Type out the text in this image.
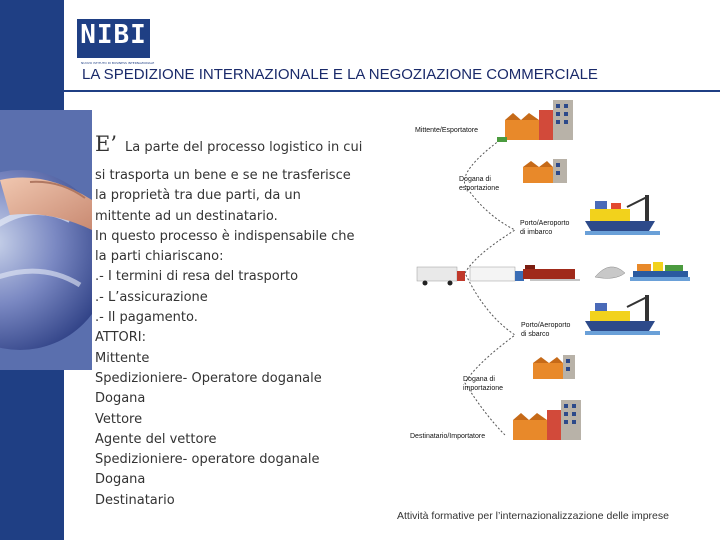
NIBI
NUOVO ISTITUTO DI BUSINESS INTERNAZIONALE
LA SPEDIZIONE INTERNAZIONALE E LA NEGOZIAZIONE COMMERCIALE
E’ La parte del processo logistico in cui
si trasporta un bene e se ne trasferisce
la proprietà tra due parti, da un
mittente ad un destinatario.
In questo processo è indispensabile che
la parti chiariscano:
.- I termini di resa del trasporto
.- L’assicurazione
.- Il pagamento.
ATTORI:
Mittente
Spedizioniere- Operatore doganale
Dogana
Vettore
Agente del vettore
Spedizioniere- operatore doganale
Dogana
Destinatario
Mittente/Esportatore
Dogana di
esportazione
Porto/Aeroporto
di imbarco
Porto/Aeroporto
di sbarco
Dogana di
importazione
Destinatario/Importatore
Attività formative per l’internazionalizzazione delle imprese
